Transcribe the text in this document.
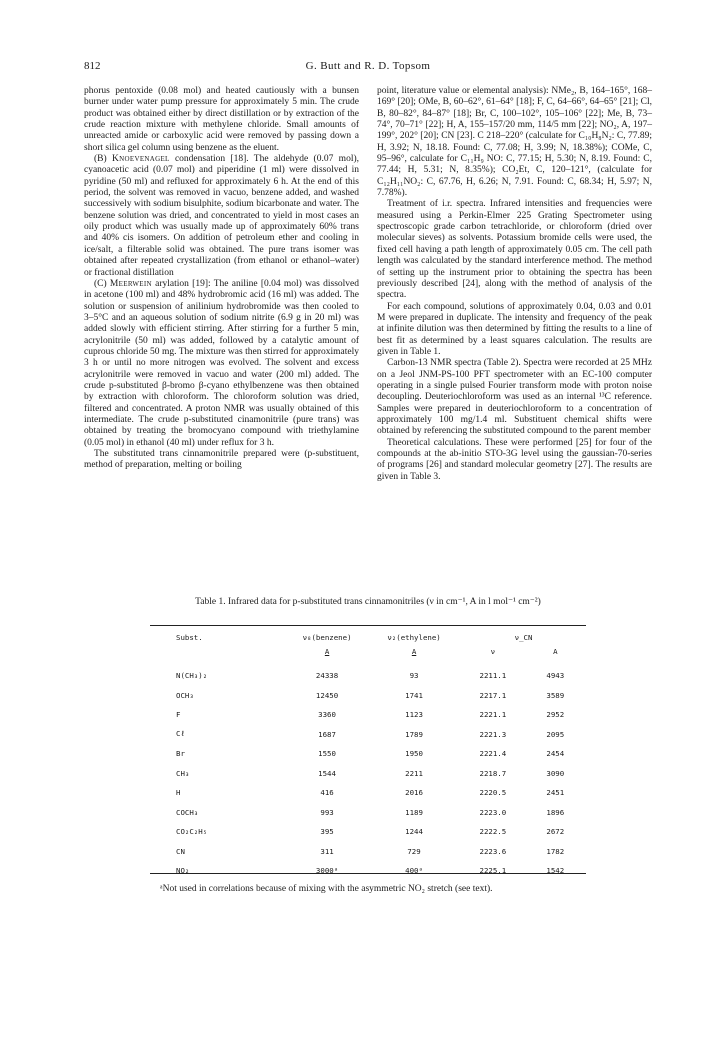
812	G. Butt and R. D. Topsom

phorus pentoxide (0.08 mol) and heated cautiously with a bunsen burner under water pump pressure for approximately 5 min. The crude product was obtained either by direct distillation or by extraction of the crude reaction mixture with methylene chloride. Small amounts of unreacted amide or carboxylic acid were removed by passing down a short silica gel column using benzene as the eluent.

(B) Knoevenagel condensation [18]. The aldehyde (0.07 mol), cyanoacetic acid (0.07 mol) and piperidine (1 ml) were dissolved in pyridine (50 ml) and refluxed for approximately 6 h. At the end of this period, the solvent was removed in vacuo, benzene added, and washed successively with sodium bisulphite, sodium bicarbonate and water. The benzene solution was dried, and concentrated to yield in most cases an oily product which was usually made up of approximately 60% trans and 40% cis isomers. On addition of petroleum ether and cooling in ice/salt, a filterable solid was obtained. The pure trans isomer was obtained after repeated crystallization (from ethanol or ethanol–water) or fractional distillation

(C) Meerwein arylation [19]: The aniline [0.04 mol) was dissolved in acetone (100 ml) and 48% hydrobromic acid (16 ml) was added. The solution or suspension of anilinium hydrobromide was then cooled to 3–5°C and an aqueous solution of sodium nitrite (6.9 g in 20 ml) was added slowly with efficient stirring. After stirring for a further 5 min, acrylonitrile (50 ml) was added, followed by a catalytic amount of cuprous chloride 50 mg. The mixture was then stirred for approximately 3 h or until no more nitrogen was evolved. The solvent and excess acrylonitrile were removed in vacuo and water (200 ml) added. The crude p-substituted β-bromo β-cyano ethylbenzene was then obtained by extraction with chloroform. The chloroform solution was dried, filtered and concentrated. A proton NMR was usually obtained of this intermediate. The crude p-substituted cinamonitrile (pure trans) was obtained by treating the bromocyano compound with triethylamine (0.05 mol) in ethanol (40 ml) under reflux for 3 h.

The substituted trans cinnamonitrile prepared were (p-substituent, method of preparation, melting or boiling

point, literature value or elemental analysis): NMe₂, B, 164–165°, 168–169° [20]; OMe, B, 60–62°, 61–64° [18]; F, C, 64–66°, 64–65° [21]; Cl, B, 80–82°, 84–87° [18]; Br, C, 100–102°, 105–106° [22]; Me, B, 73–74°, 70–71° [22]; H, A, 155–157/20 mm, 114/5 mm [22]; NO₂, A, 197–199°, 202° [20]; CN [23]. C 218–220° (calculate for C₁₀H₈N₂: C, 77.89; H, 3.92; N, 18.18. Found: C, 77.08; H, 3.99; N, 18.38%); COMe, C, 95–96°, calculate for C₁₁H₉ NO: C, 77.15; H, 5.30; N, 8.19. Found: C, 77.44; H, 5.31; N, 8.35%); CO₂Et, C, 120–121°, (calculate for C₁₂H₁₁NO₂: C, 67.76, H, 6.26; N, 7.91. Found: C, 68.34; H, 5.97; N, 7.78%).

Treatment of i.r. spectra. Infrared intensities and frequencies were measured using a Perkin-Elmer 225 Grating Spectrometer using spectroscopic grade carbon tetrachloride, or chloroform (dried over molecular sieves) as solvents. Potassium bromide cells were used, the fixed cell having a path length of approximately 0.05 cm. The cell path length was calculated by the standard interference method. The method of setting up the instrument prior to obtaining the spectra has been previously described [24], along with the method of analysis of the spectra.

For each compound, solutions of approximately 0.04, 0.03 and 0.01 M were prepared in duplicate. The intensity and frequency of the peak at infinite dilution was then determined by fitting the results to a line of best fit as determined by a least squares calculation. The results are given in Table 1.

Carbon-13 NMR spectra (Table 2). Spectra were recorded at 25 MHz on a Jeol JNM-PS-100 PFT spectrometer with an EC-100 computer operating in a single pulsed Fourier transform mode with proton noise decoupling. Deuteriochloroform was used as an internal ¹³C reference. Samples were prepared in deuteriochloroform to a concentration of approximately 100 mg/1.4 ml. Substituent chemical shifts were obtained by referencing the substituted compound to the parent member

Theoretical calculations. These were performed [25] for four of the compounds at the ab-initio STO-3G level using the gaussian-70-series of programs [26] and standard molecular geometry [27]. The results are given in Table 3.

Table 1. Infrared data for p-substituted trans cinnamonitriles (ν in cm⁻¹, A in l mol⁻¹ cm⁻²)
Subst.	ν₈(benzene)	ν₂(ethylene)	ν_CN	
	A	A	ν	A
N(CH₃)₂	24338	93	2211.1	4943
OCH₃	12450	1741	2217.1	3589
F	3360	1123	2221.1	2952
Cℓ	1687	1789	2221.3	2095
Br	1550	1950	2221.4	2454
CH₃	1544	2211	2218.7	3090
H	416	2016	2220.5	2451
COCH₃	993	1189	2223.0	1896
CO₂C₂H₅	395	1244	2222.5	2672
CN	311	729	2223.6	1782
NO₂	3000ᵃ	400ᵃ	2225.1	1542
ᵃNot used in correlations because of mixing with the asymmetric NO₂ stretch (see text).
